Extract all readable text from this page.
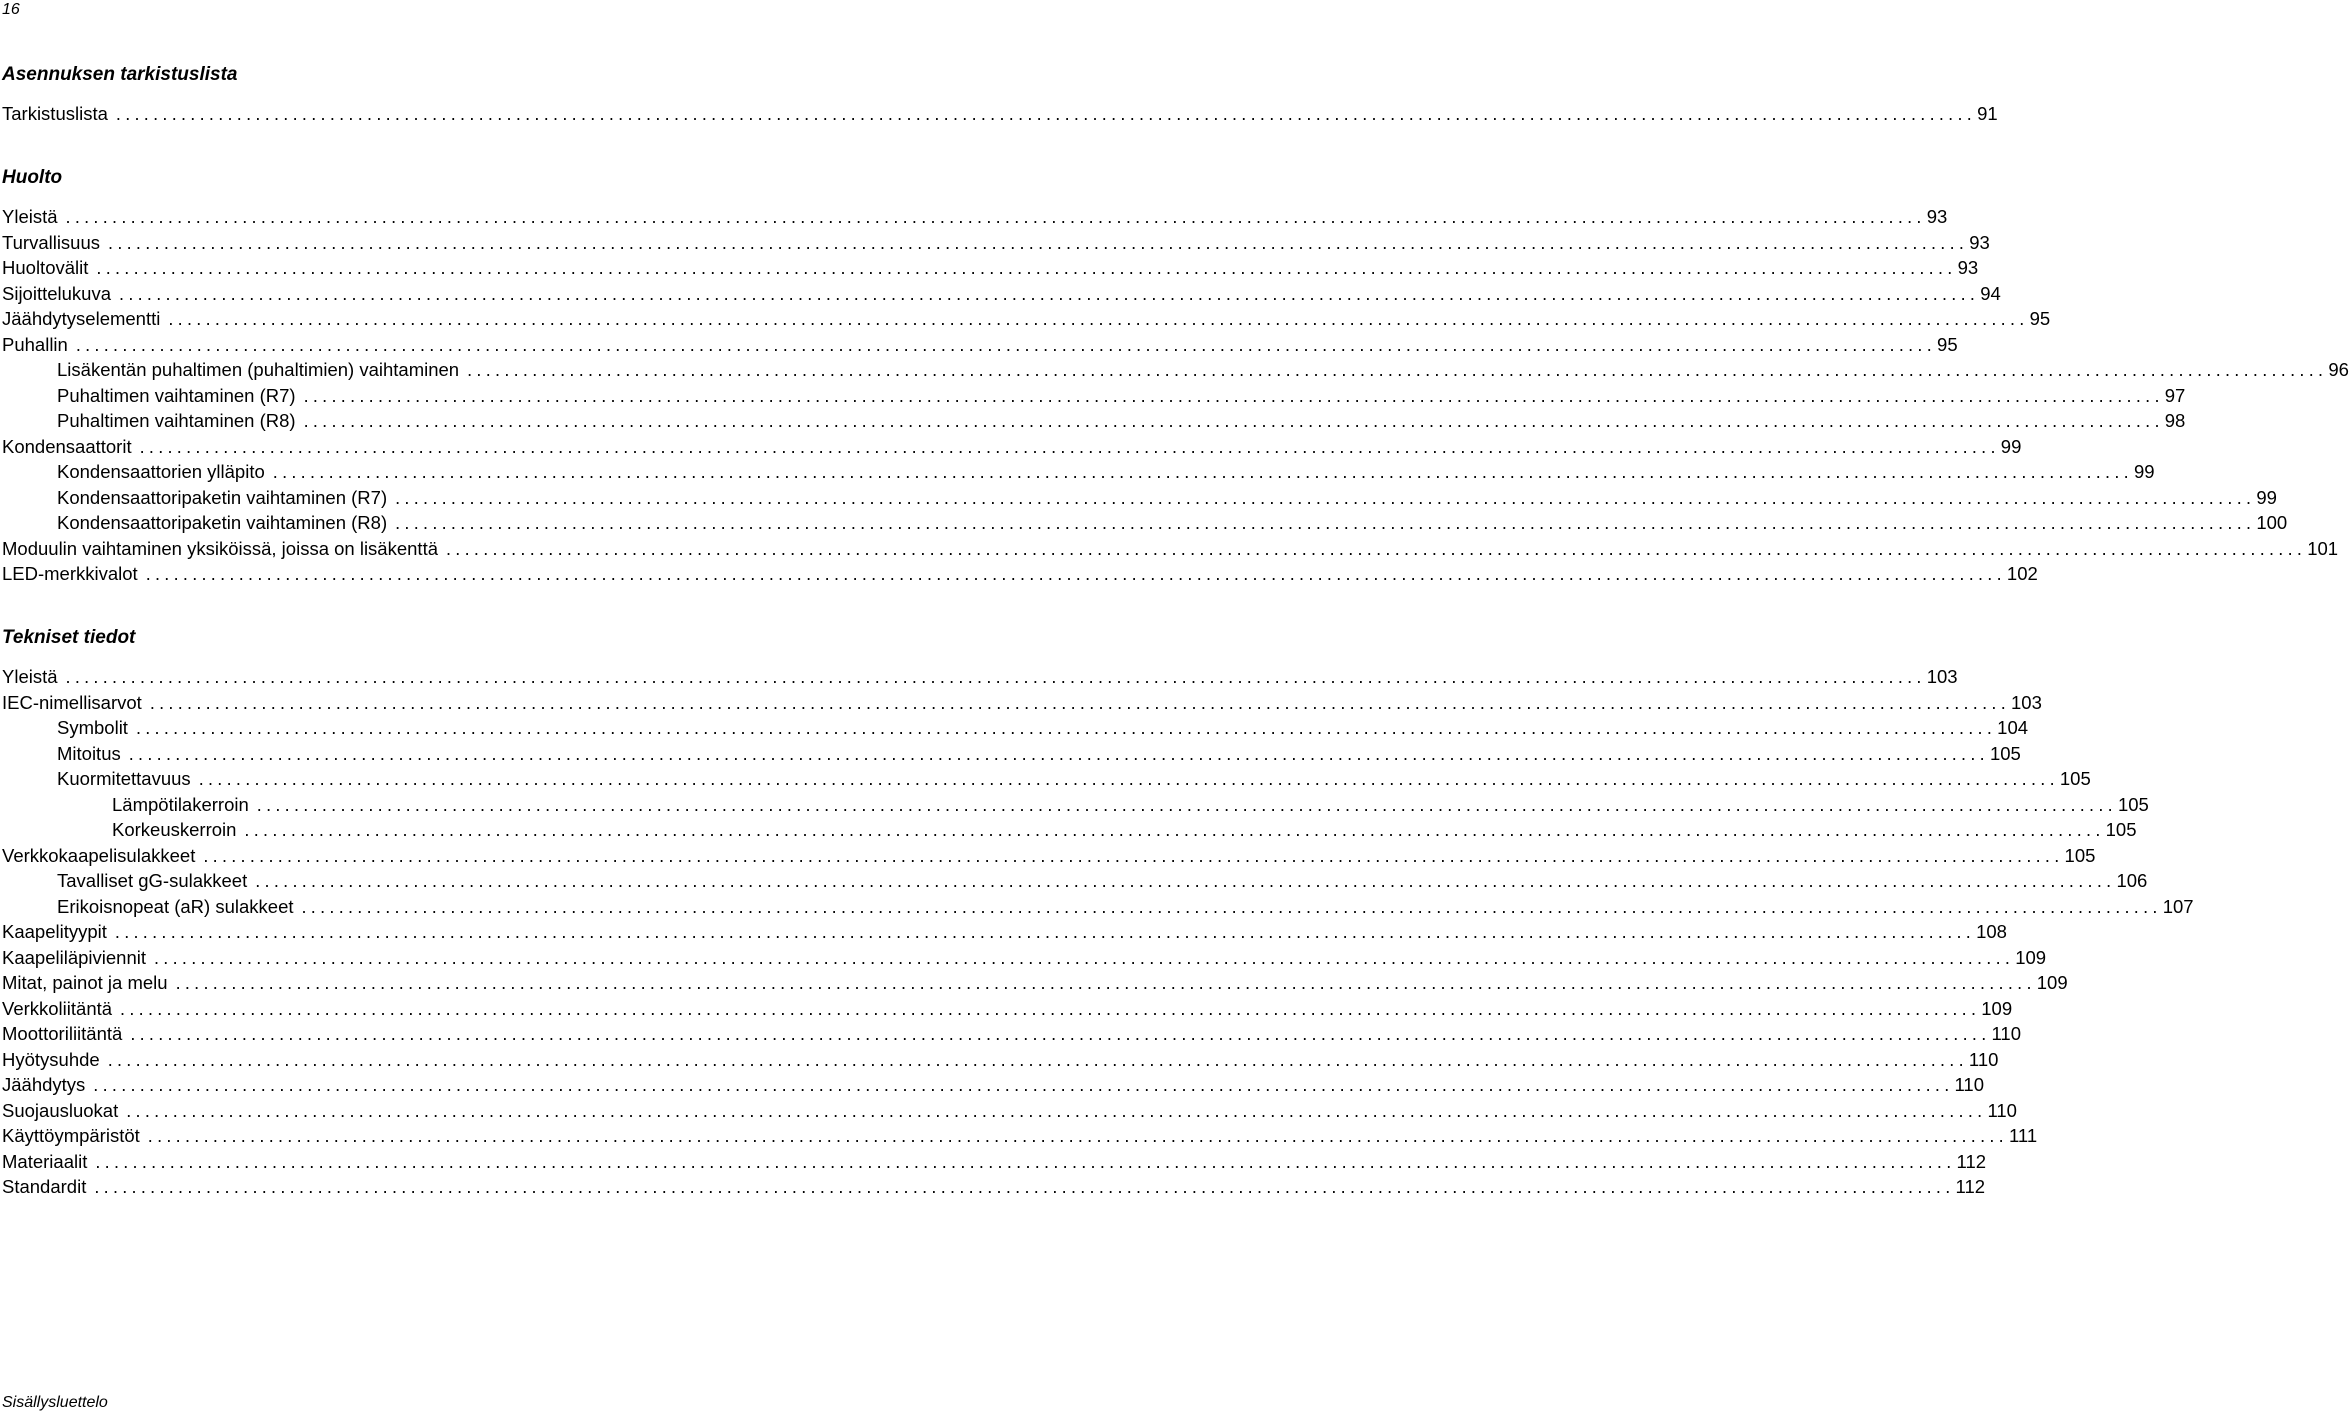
16
Asennuksen tarkistuslista
Tarkistuslista ........................................................................................................................................................................................................ 91
Huolto
Yleistä ........................................................................................................................................................................................................ 93
Turvallisuus ........................................................................................................................................................................................................ 93
Huoltovälit ........................................................................................................................................................................................................ 93
Sijoittelukuva ........................................................................................................................................................................................................ 94
Jäähdytyselementti ........................................................................................................................................................................................................ 95
Puhallin ........................................................................................................................................................................................................ 95
Lisäkentän puhaltimen (puhaltimien) vaihtaminen ........................................................................................................................................................................................................ 96
Puhaltimen vaihtaminen (R7) ........................................................................................................................................................................................................ 97
Puhaltimen vaihtaminen (R8) ........................................................................................................................................................................................................ 98
Kondensaattorit ........................................................................................................................................................................................................ 99
Kondensaattorien ylläpito ........................................................................................................................................................................................................ 99
Kondensaattoripaketin vaihtaminen (R7) ........................................................................................................................................................................................................ 99
Kondensaattoripaketin vaihtaminen (R8) ........................................................................................................................................................................................................ 100
Moduulin vaihtaminen yksiköissä, joissa on lisäkenttä ........................................................................................................................................................................................................ 101
LED-merkkivalot ........................................................................................................................................................................................................ 102
Tekniset tiedot
Yleistä ........................................................................................................................................................................................................ 103
IEC-nimellisarvot ........................................................................................................................................................................................................ 103
Symbolit ........................................................................................................................................................................................................ 104
Mitoitus ........................................................................................................................................................................................................ 105
Kuormitettavuus ........................................................................................................................................................................................................ 105
Lämpötilakerroin ........................................................................................................................................................................................................ 105
Korkeuskerroin ........................................................................................................................................................................................................ 105
Verkkokaapelisulakkeet ........................................................................................................................................................................................................ 105
Tavalliset gG-sulakkeet ........................................................................................................................................................................................................ 106
Erikoisnopeat (aR) sulakkeet ........................................................................................................................................................................................................ 107
Kaapelityypit ........................................................................................................................................................................................................ 108
Kaapeliläpiviennit ........................................................................................................................................................................................................ 109
Mitat, painot ja melu ........................................................................................................................................................................................................ 109
Verkkoliitäntä ........................................................................................................................................................................................................ 109
Moottoriliitäntä ........................................................................................................................................................................................................ 110
Hyötysuhde ........................................................................................................................................................................................................ 110
Jäähdytys ........................................................................................................................................................................................................ 110
Suojausluokat ........................................................................................................................................................................................................ 110
Käyttöympäristöt ........................................................................................................................................................................................................ 111
Materiaalit ........................................................................................................................................................................................................ 112
Standardit ........................................................................................................................................................................................................ 112
Sisällysluettelo
